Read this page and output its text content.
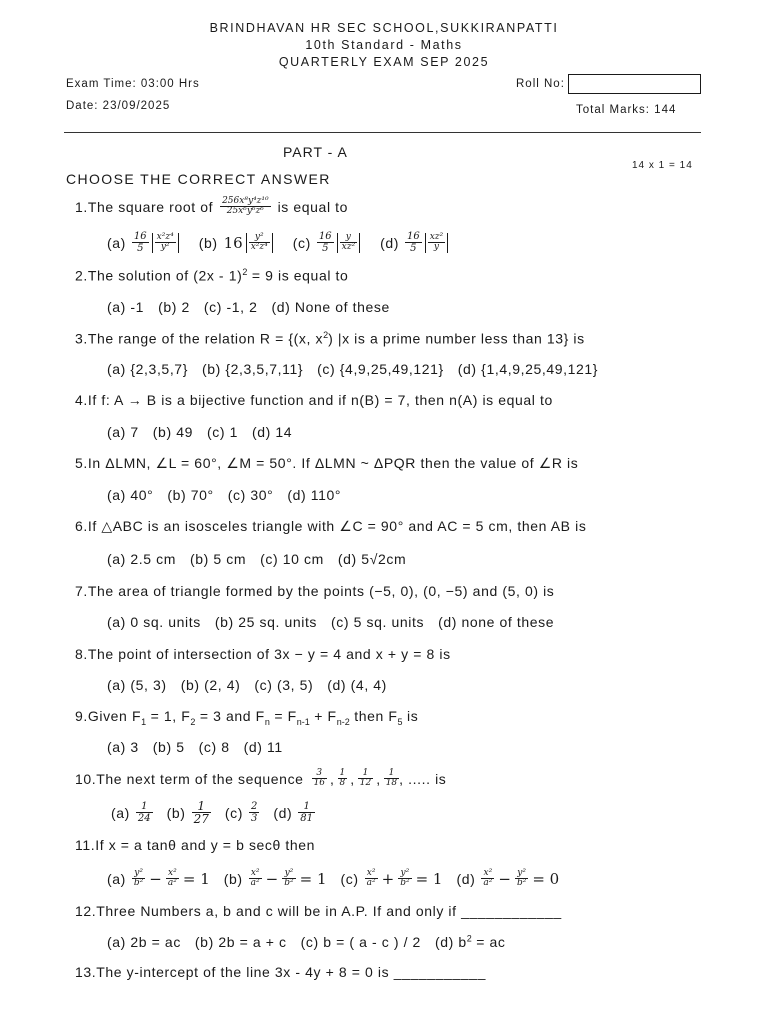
BRINDHAVAN HR SEC SCHOOL,SUKKIRANPATTI
10th Standard - Maths
QUARTERLY EXAM SEP 2025
Exam Time: 03:00 Hrs
Date: 23/09/2025
Roll No:
Total Marks: 144
PART - A
14 x 1 = 14
CHOOSE THE CORRECT ANSWER
1.The square root of $\frac{\text{256x⁸y⁴z¹⁰}}{\text{25x⁶y⁶z⁶}}$ is equal to
$(a) \frac{16}{5} \frac{\text{x²z⁴}}{\text{y²}} (b)$ $16 \frac{\text{y²}}{\text{x²z⁴}} (c) \frac{16}{5} \frac{y}{\text{xz²}} (d) \frac{16}{5} \frac{\text{xz²}}{y}$
2.The solution of (2x - 1)$^2$ = 9 is equal to
(a) -1 (b) 2 (c) -1, 2 (d) None of these
3.The range of the relation R = {(x, $x^2$) |x is a prime number less than 13} is
(a) {2,3,5,7} (b) {2,3,5,7,11} (c) {4,9,25,49,121} (d) {1,4,9,25,49,121}
4.If f: A → B is a bijective function and if n(B) = 7, then n(A) is equal to
(a) 7 (b) 49 (c) 1 (d) 14
5.In ΔLMN, ∠L = 60°, ∠M = 50°. If ΔLMN ~ ΔPQR then the value of ∠R is
(a) 40° (b) 70° (c) 30° (d) 110°
6.If △ABC is an isosceles triangle with ∠C = 90° and AC = 5 cm, then AB is
(a) 2.5 cm (b) 5 cm (c) 10 cm (d) 5√2cm
7.The area of triangle formed by the points (−5, 0), (0, −5) and (5, 0) is
(a) 0 sq. units (b) 25 sq. units (c) 5 sq. units (d) none of these
8.The point of intersection of 3x − y = 4 and x + y = 8 is
(a) (5, 3) (b) (2, 4) (c) (3, 5) (d) (4, 4)
9.Given $F_1 = 1$, $F_2 = 3$ and $F_n = F_{n-1} + F_{n-2}$ then $F_5$ is
(a) 3 (b) 5 (c) 8 (d) 11
10.The next term of the sequence $\frac{3}{16}$ , $\frac{1}{8}$ , $\frac{1}{12}$ , $\frac{1}{18}$ , ..... is
$(a) \frac{1}{24} (b) \frac{1}{27} (c) \frac{2}{3} (d) \frac{1}{81}$
11.If x = a tanθ and y = b secθ then
$(a) \frac{\text{y²}}{\text{b²}} - \frac{\text{x²}}{\text{a²}} = 1$ $(b) \frac{\text{x²}}{\text{a²}} - \frac{\text{y²}}{\text{b²}} = 1$ $(c) \frac{\text{x²}}{\text{a²}} + \frac{\text{y²}}{\text{b²}} = 1$ $(d) \frac{\text{x²}}{\text{a²}} - \frac{\text{y²}}{\text{b²}} = 0$
12.Three Numbers a, b and c will be in A.P. If and only if ____________
(a) 2b = ac (b) 2b = a + c (c) b = ( a - c ) / 2 (d) $b^2$ = ac
13.The y-intercept of the line 3x - 4y + 8 = 0 is ___________
